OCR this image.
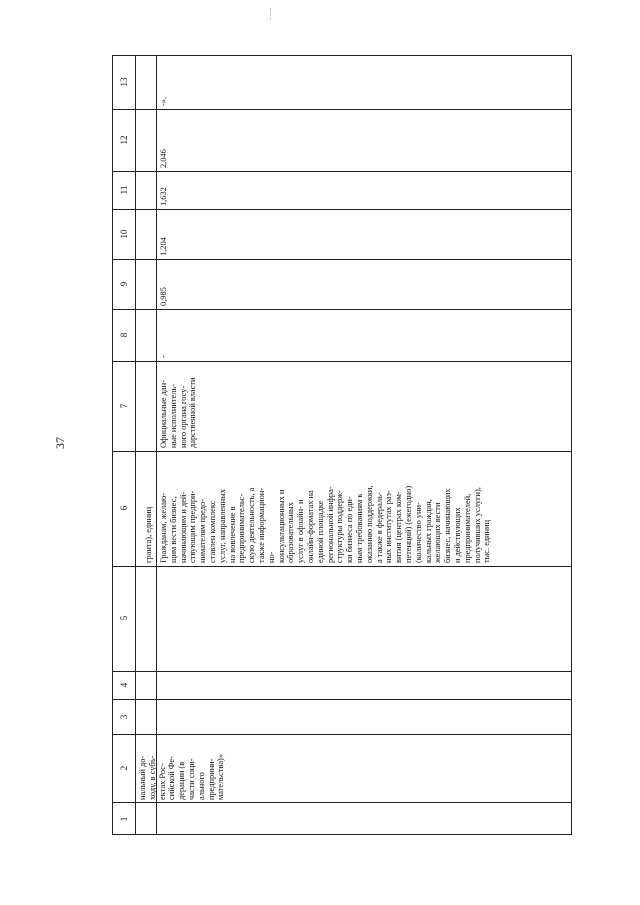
37
13
12
11
10
9
8
7
6
5
4
3
2
1
нальный до- ходу, в субъ- ектах Рос- сийской Фе- дерации (в части соци- ального предприни- мательства)»
гранта), единиц Гражданам, желаю- щим вести бизнес, начинающим и дей- ствующим предпри- нимателям предо- ставлен комплекс услуг, направленных на вовлечение в предпринимательс- скую деятельность, а также информацион- но- консультационных и образовательных услуг в офлайн- и онлайн-форматах на единой площадке региональной инфра- структуры поддерж- ки бизнеса по еди- ным требованиям к оказанию поддержки, а также в федераль- ных институтах раз- вития (центрах ком- петенций) (ежегодно) (количество уни- кальных граждан, желающих вести бизнес, начинающих и действующих предпринимателей, получивших услуги), тыс. единиц
Официальные дан- ные исполнитель- ного органа госу- дарственной власти
-
0,985
1,204
1,632
2,046
-».
